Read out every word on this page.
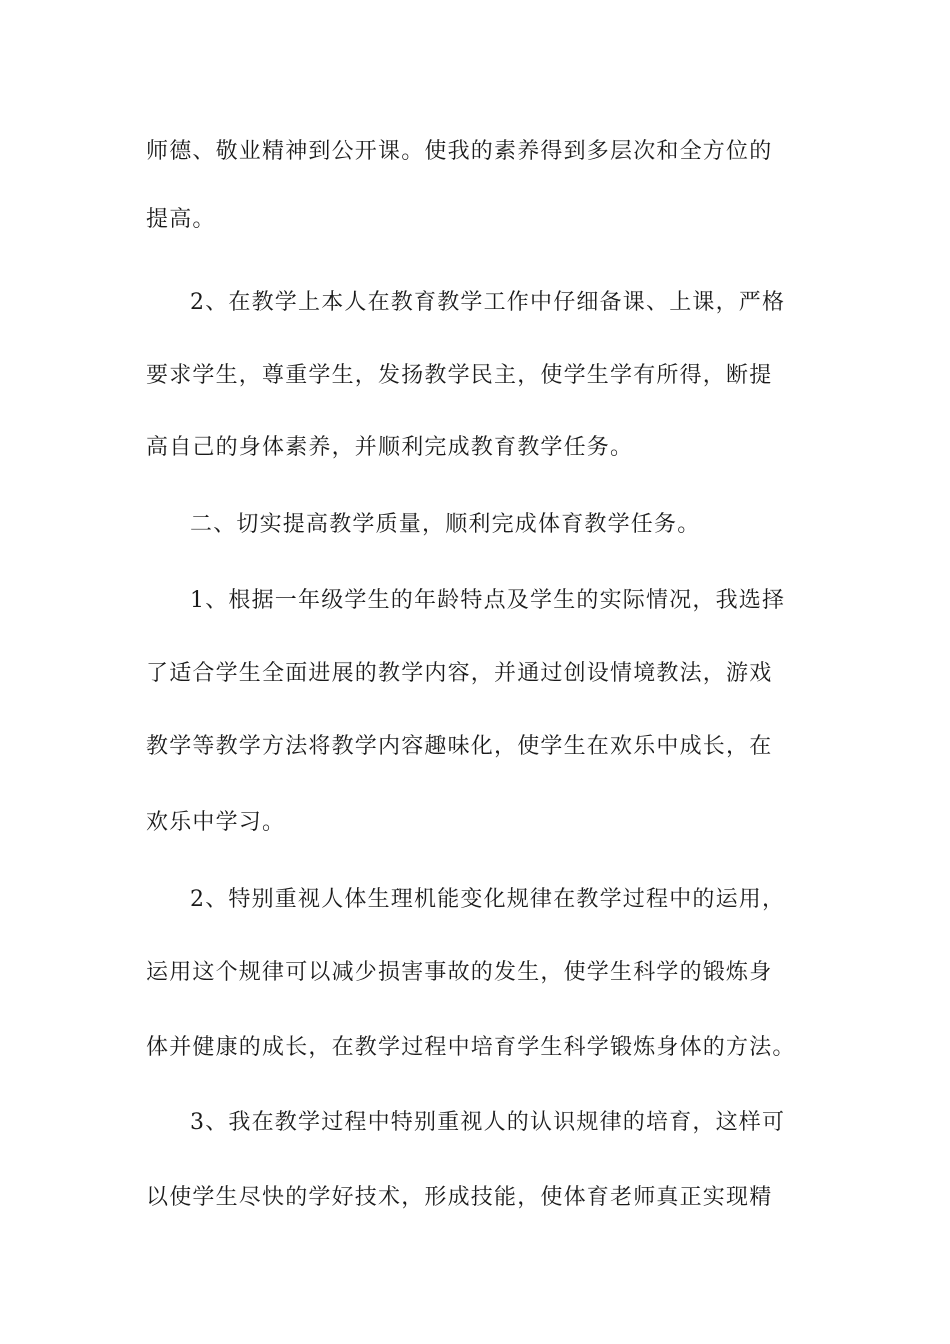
师德、敬业精神到公开课。使我的素养得到多层次和全方位的
提高。
2、在教学上本人在教育教学工作中仔细备课、上课，严格
要求学生，尊重学生，发扬教学民主，使学生学有所得，断提
高自己的身体素养，并顺利完成教育教学任务。
二、切实提高教学质量，顺利完成体育教学任务。
1、根据一年级学生的年龄特点及学生的实际情况，我选择
了适合学生全面进展的教学内容，并通过创设情境教法，游戏
教学等教学方法将教学内容趣味化，使学生在欢乐中成长，在
欢乐中学习。
2、特别重视人体生理机能变化规律在教学过程中的运用，
运用这个规律可以减少损害事故的发生，使学生科学的锻炼身
体并健康的成长，在教学过程中培育学生科学锻炼身体的方法。
3、我在教学过程中特别重视人的认识规律的培育，这样可
以使学生尽快的学好技术，形成技能，使体育老师真正实现精
